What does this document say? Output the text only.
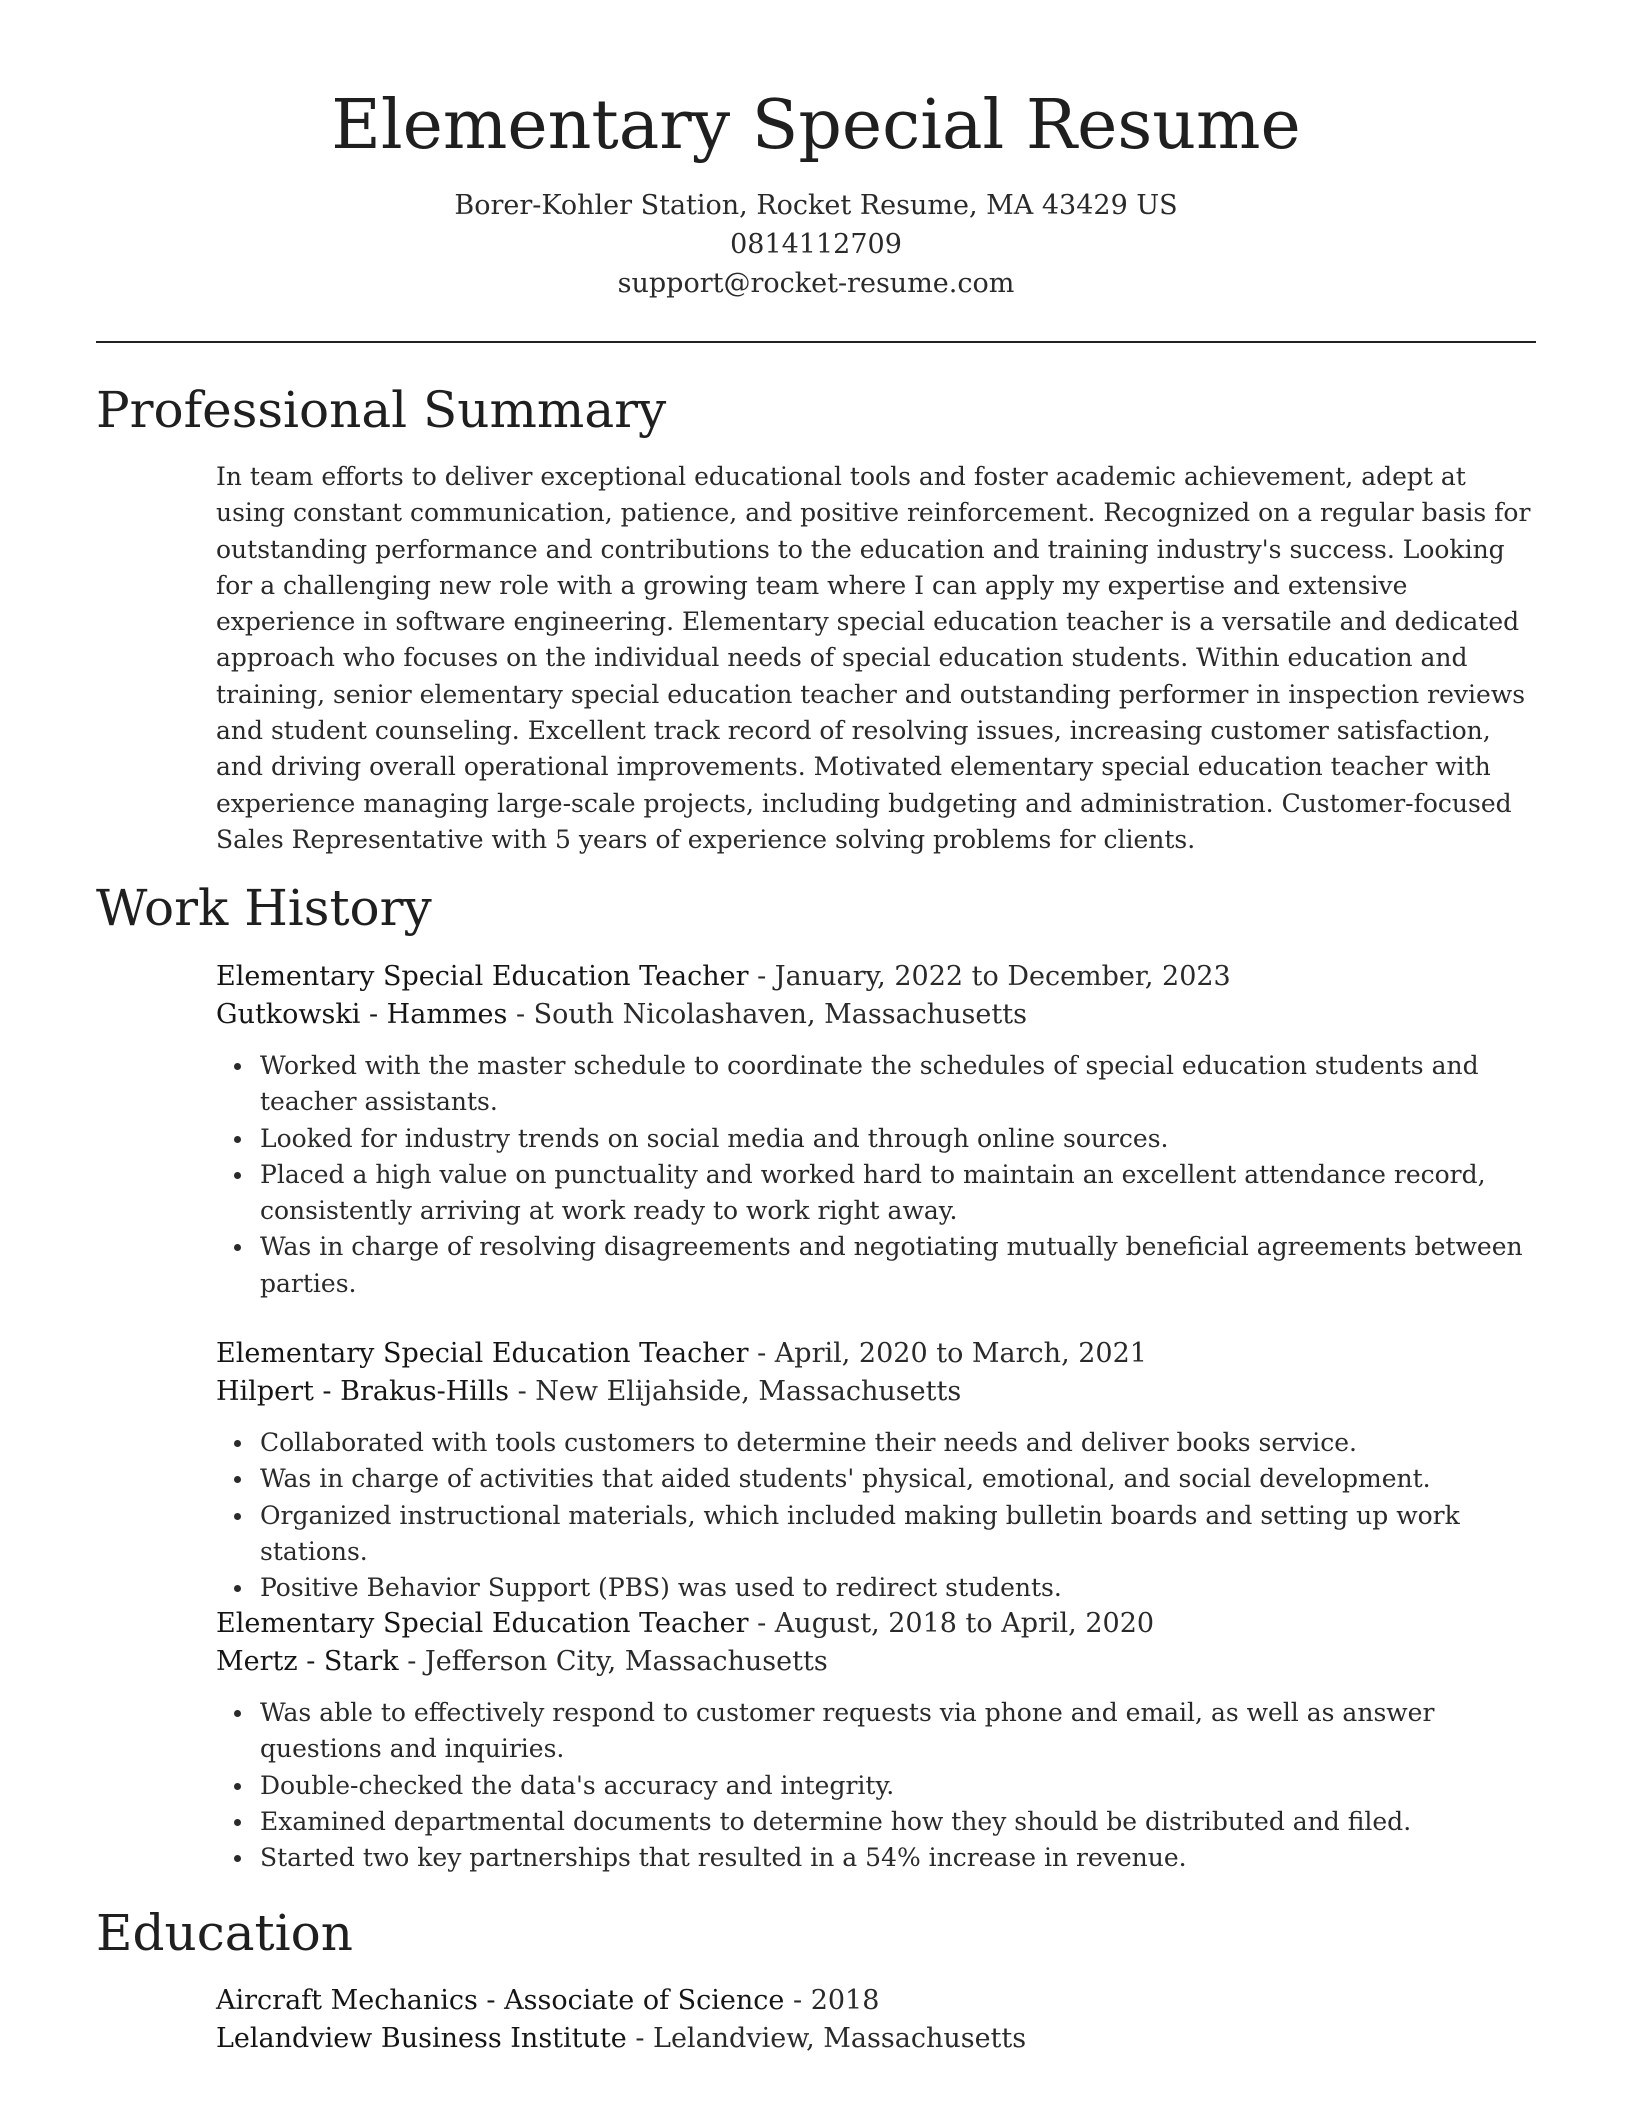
Elementary Special Resume
Borer-Kohler Station, Rocket Resume, MA 43429 US
0814112709
support@rocket-resume.com
Professional Summary

In team efforts to deliver exceptional educational tools and foster academic achievement, adept at using constant communication, patience, and positive reinforcement. Recognized on a regular basis for outstanding performance and contributions to the education and training industry's success. Looking for a challenging new role with a growing team where I can apply my expertise and extensive experience in software engineering. Elementary special education teacher is a versatile and dedicated approach who focuses on the individual needs of special education students. Within education and training, senior elementary special education teacher and outstanding performer in inspection reviews and student counseling. Excellent track record of resolving issues, increasing customer satisfaction, and driving overall operational improvements. Motivated elementary special education teacher with experience managing large-scale projects, including budgeting and administration. Customer-focused Sales Representative with 5 years of experience solving problems for clients.

Work History
Elementary Special Education Teacher - January, 2022 to December, 2023
Gutkowski - Hammes - South Nicolashaven, Massachusetts
Worked with the master schedule to coordinate the schedules of special education students and teacher assistants.
Looked for industry trends on social media and through online sources.
Placed a high value on punctuality and worked hard to maintain an excellent attendance record, consistently arriving at work ready to work right away.
Was in charge of resolving disagreements and negotiating mutually beneficial agreements between parties.
Elementary Special Education Teacher - April, 2020 to March, 2021
Hilpert - Brakus-Hills - New Elijahside, Massachusetts
Collaborated with tools customers to determine their needs and deliver books service.
Was in charge of activities that aided students' physical, emotional, and social development.
Organized instructional materials, which included making bulletin boards and setting up work stations.
Positive Behavior Support (PBS) was used to redirect students.
Elementary Special Education Teacher - August, 2018 to April, 2020
Mertz - Stark - Jefferson City, Massachusetts
Was able to effectively respond to customer requests via phone and email, as well as answer questions and inquiries.
Double-checked the data's accuracy and integrity.
Examined departmental documents to determine how they should be distributed and filed.
Started two key partnerships that resulted in a 54% increase in revenue.
Education
Aircraft Mechanics - Associate of Science - 2018
Lelandview Business Institute - Lelandview, Massachusetts
